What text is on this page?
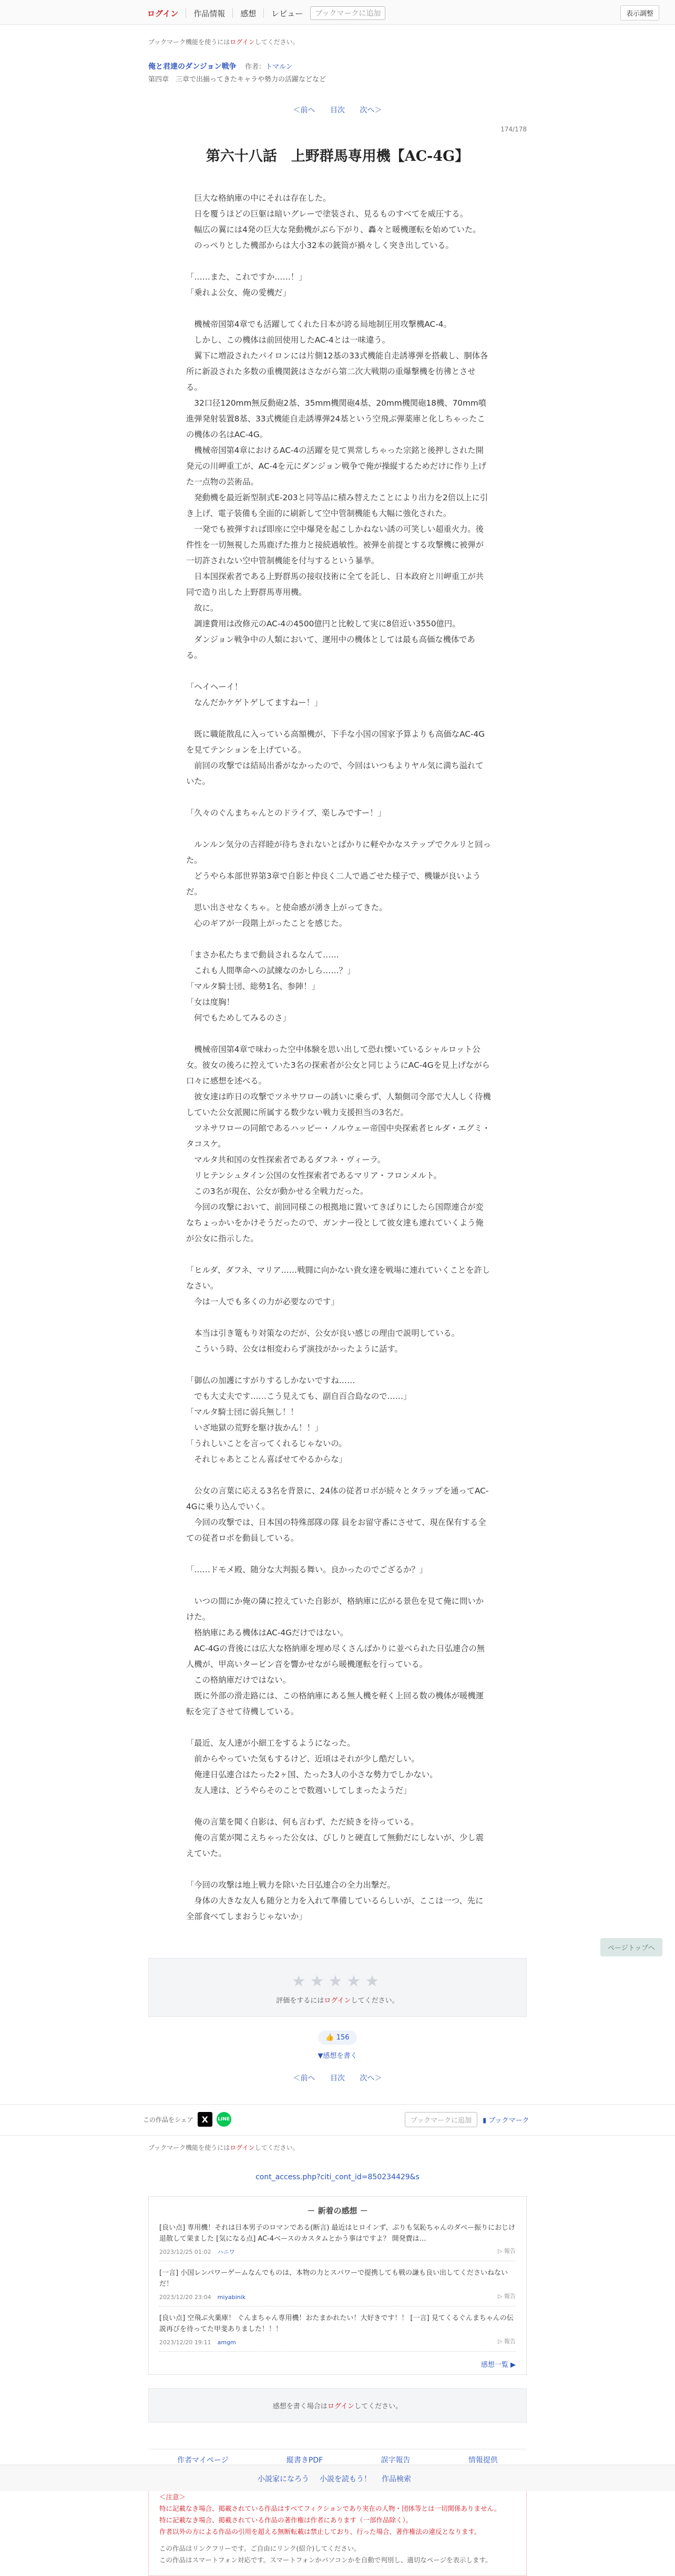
ログイン 作品情報 感想 レビュー	ブックマークに追加	表示調整
ブックマーク機能を使うにはログインしてください。
俺と君達のダンジョン戦争 作者：トマルン
第四章　三章で出揃ってきたキャラや勢力の活躍などなど
＜前へ 目次 次へ＞
174/178
第六十八話　上野群馬専用機【AC-4G】

　巨大な格納庫の中にそれは存在した。

　日を覆うほどの巨躯は暗いグレーで塗装され、見るものすべてを威圧する。

　幅広の翼には4発の巨大な発動機がぶら下がり、轟々と暖機運転を始めていた。

　のっぺりとした機部からは大小32本の銃筒が禍々しく突き出している。

「……また、これですか……！」

「乗れよ公女、俺の愛機だ」

　機械帝国第4章でも活躍してくれた日本が誇る局地制圧用攻撃機AC-4。

　しかし、この機体は前回使用したAC-4とは一味違う。

　翼下に増設されたパイロンには片側12基の33式機能自走誘導弾を搭載し、胴体各所に新設された多数の重機関銃はさながら第二次大戦期の重爆撃機を彷彿とさせる。

　32口径120mm無反動砲2基、35mm機関砲4基、20mm機関砲18機、70mm噴進弾発射装置8基、33式機能自走誘導弾24基という空飛ぶ弾薬庫と化しちゃったこの機体の名はAC-4G。

　機械帝国第4章におけるAC-4の活躍を見て異常しちゃった宗銘と後押しされた開発元の川岬重工が、AC-4を元にダンジョン戦争で俺が操縦するためだけに作り上げた一点物の芸術品。

　発動機を最近新型制式E-203と同等品に積み替えたことにより出力を2倍以上に引き上げ、電子装備も全面的に刷新して空中管制機能も大幅に強化された。

　一発でも被弾すれば即座に空中爆発を起こしかねない誘の可笑しい超重火力。後件性を一切無視した馬鹿げた推力と接続過敏性。被弾を前提とする攻撃機に被弾が一切許されない空中管制機能を付与するという暴挙。

　日本国探索者である上野群馬の接収技術に全てを託し、日本政府と川岬重工が共同で造り出した上野群馬専用機。

　故に。

　調達費用は改修元のAC-4の4500億円と比較して実に8倍近い3550億円。

　ダンジョン戦争中の人類において、運用中の機体としては最も高価な機体である。

「ヘイヘーイ！

　なんだかケゲトゲしてますねー！」

　既に職能散乱に入っている高額機が、下手な小国の国家予算よりも高価なAC-4Gを見てテンションを上げている。

　前回の攻撃では結局出番がなかったので、今回はいつもよりヤル気に満ち溢れていた。

「久々のぐんまちゃんとのドライブ、楽しみですー！」

　ルンルン気分の吉祥睦が待ちきれないとばかりに軽やかなステップでクルリと回った。

　どうやら本部世界第3章で自影と仲良く二人で過ごせた様子で、機嫌が良いようだ。

　思い出させなくちゃ。と使命感が湧き上がってきた。

　心のギアが一段階上がったことを感じた。

「まさか私たちまで動員されるなんて……

　これも人間準命への試練なのかしら……？」

「マルタ騎士団、総勢1名、参陣！」

「女は度胸！

　何でもためしてみるのさ」

　機械帝国第4章で味わった空中体験を思い出して恐れ慄いているシャルロット公女。彼女の後ろに控えていた3名の探索者が公女と同じようにAC-4Gを見上げながら口々に感想を述べる。

　彼女達は昨日の攻撃でツネサワローの誘いに乗らず、人類側司令部で大人しく待機していた公女派閥に所属する数少ない戦力支援担当の3名だ。

　ツネサワローの同館であるハッピー・ノルウェー帝国中央探索者ヒルダ・エグミ・タコスケ。

　マルタ共和国の女性探索者であるダフネ・ヴィーラ。

　リヒテンシュタイン公国の女性探索者であるマリア・フロンメルト。

　この3名が現在、公女が動かせる全戦力だった。

　今回の攻撃において、前回同様この根拠地に置いてきぼりにしたら国際連合が変なちょっかいをかけそうだったので、ガンナー役として彼女達も連れていくよう俺が公女に指示した。

「ヒルダ、ダフネ、マリア……戦闘に向かない貴女達を戦場に連れていくことを許しなさい。

　今は一人でも多くの力が必要なのです」

　本当は引き篭もり対策なのだが、公女が良い感じの理由で説明している。

　こういう時、公女は相変わらず演技がかったように話す。

「御仏の加護にすがりするしかないですね……

　でも大丈夫です……こう見えても、副自百合島なので……」

「マルタ騎士団に弱兵無し！！

　いざ地獄の荒野を駆け抜かん！！」

「うれしいことを言ってくれるじゃないの。

　それじゃあとことん喜ばせてやるからな」

　公女の言葉に応える3名を背景に、24体の従者ロボが続々とタラップを通ってAC-4Gに乗り込んでいく。

　今回の攻撃では、日本国の特殊部隊の隊 員をお留守番にさせて、現在保有する全ての従者ロボを動員している。

「……ドモメ殿、随分な大判振る舞い。良かったのでござるか？」

　いつの間にか俺の隣に控えていた自影が、格納庫に広がる景色を見て俺に問いかけた。

　格納庫にある機体はAC-4Gだけではない。

　AC-4Gの背後には広大な格納庫を埋め尽くさんばかりに並べられた日弘連合の無人機が、甲高いタービン音を響かせながら暖機運転を行っている。

　この格納庫だけではない。

　既に外部の滑走路には、この格納庫にある無人機を軽く上回る数の機体が暖機運転を完了させて待機している。

「最近、友人達が小細工をするようになった。

　前からやっていた気もするけど、近頃はそれが少し酷だしい。

　俺達日弘連合はたった2ヶ国、たった3人の小さな勢力でしかない。

　友人達は、どうやらそのことで数週いしてしまったようだ」

　俺の言葉を聞く自影は、何も言わず、ただ続きを待っている。

　俺の言葉が聞こえちゃった公女は、びしりと硬直して無動だにしないが、少し震えていた。

「今回の攻撃は地上戦力を除いた日弘連合の全力出撃だ。

　身体の大きな友人も随分と力を入れて準備しているらしいが、ここは一つ、先に全部食べてしまおうじゃないか」

★★★★★
評価をするにはログインしてください。
👍 156
▼感想を書く
＜前へ 目次 次へ＞
ページトップへ
この作品をシェア X	LINE	ブックマークに追加	▮ ブックマーク
ブックマーク機能を使うにはログインしてください。
cont_access.php?citi_cont_id=850234429&s
－ 新着の感想 －
[良い点] 専用機！それは日本男子のロマンである(断言) 最近はヒロインず、ぷりも気恥ちゃんのダベー振りにおじけ退散して果ました [気になる点] AC-4ベースのカスタムとかう事はですよ？ 開発費は…
2023/12/25 01:02 ハニワ	▷ 報告
[一言] 小国レンパワーゲームなんでものは、本物の力とスパワーで提携しても戦の謙も良い出してくださいねないだ！
2023/12/20 23:04 miyabinik	▷ 報告
[良い点] 空飛ぶ火薬庫！ ぐんまちゃん専用機！おたまかれたい！大好きです！！ [一言] 見てくるぐんまちゃんの伝説再びを待ってた甲斐ありました！！！
2023/12/20 19:11 amgm	▷ 報告
感想一覧 ▶
感想を書く場合はログインしてください。
作者マイページ	縦書きPDF	誤字報告	情報提供
＜注意＞
特に記載なき場合、掲載されている作品はすべてフィクションであり実在の人物・団体等とは一切関係ありません。
特に記載なき場合、掲載されている作品の著作権は作者にあります（一部作品除く）。
作者以外の方による作品の引用を超える無断転載は禁止しており、行った場合、著作権法の違反となります。
この作品はリンクフリーです。ご自由にリンク(紹介)してください。
この作品はスマートフォン対応です。スマートフォンかパソコンかを自動で判別し、適切なページを表示します。
小説家になろう 小説を読もう！ 作品検索
